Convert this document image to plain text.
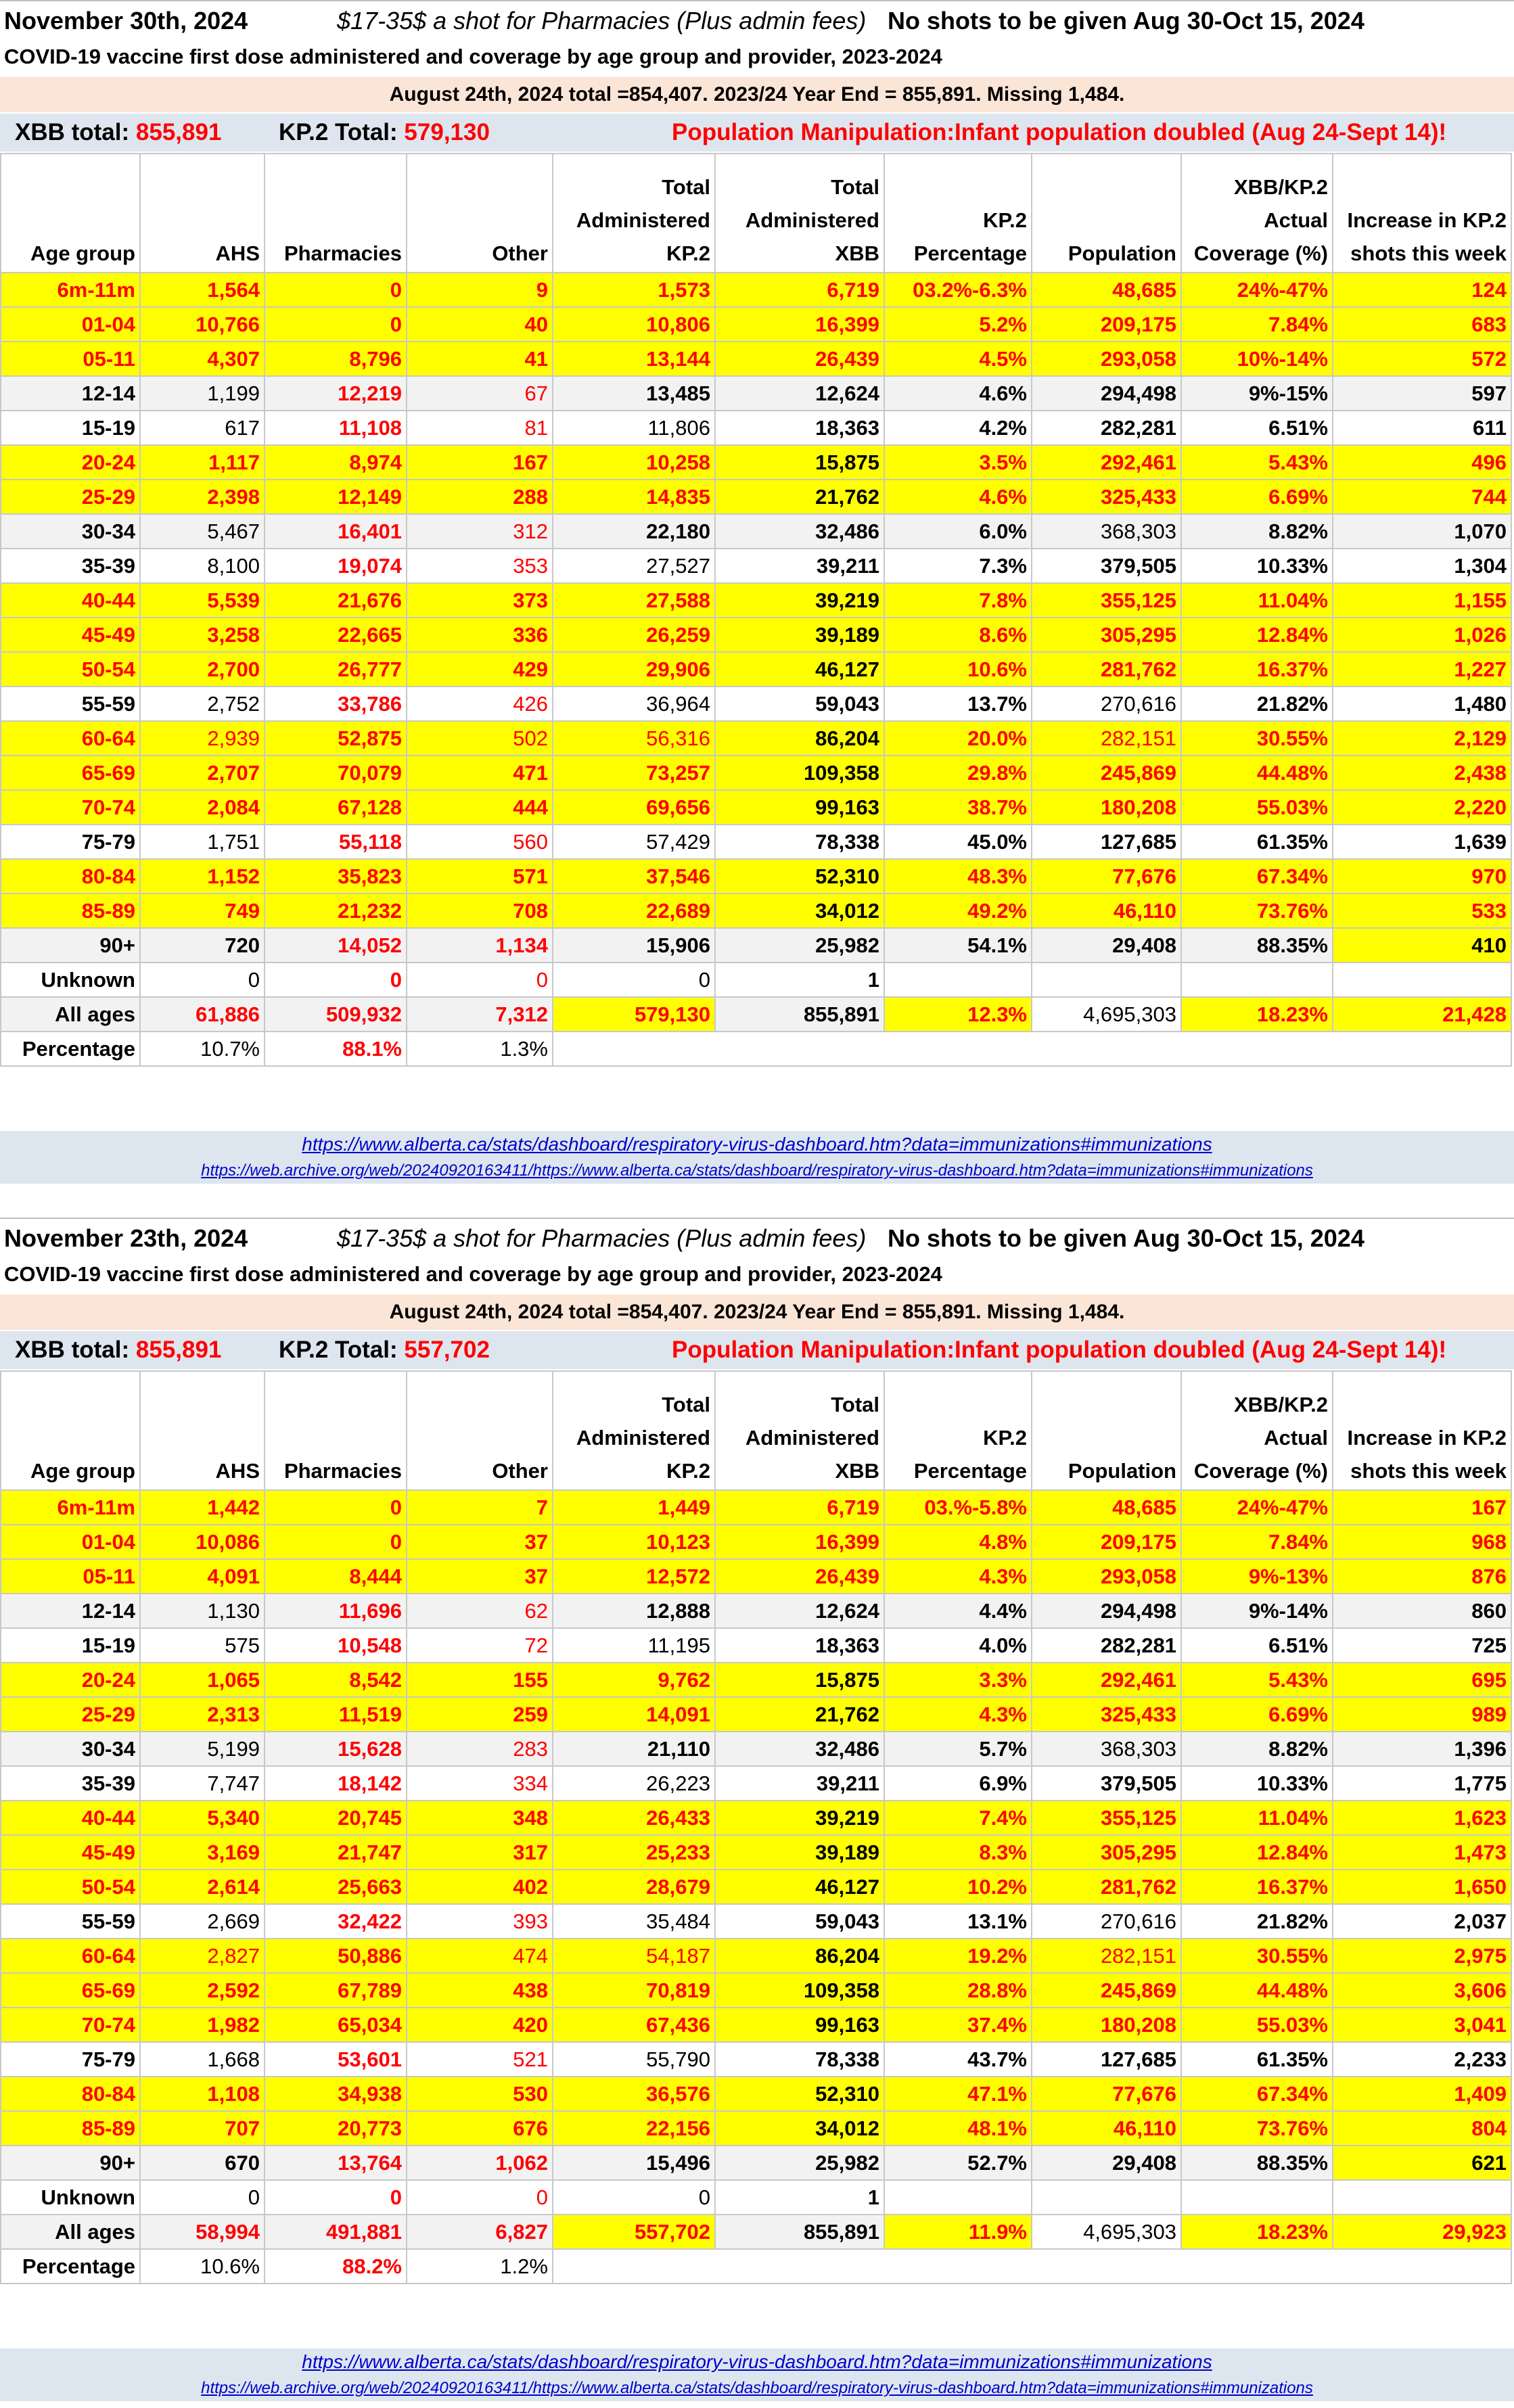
November 30th, 2024	$17-35$ a shot for Pharmacies (Plus admin fees) No shots to be given Aug 30-Oct 15, 2024
COVID-19 vaccine first dose administered and coverage by age group and provider, 2023-2024
August 24th, 2024 total =854,407. 2023/24 Year End = 855,891. Missing 1,484.
XBB total: 855,891 KP.2 Total: 579,130	Population Manipulation:Infant population doubled (Aug 24-Sept 14)!
Age group	AHS	Pharmacies	Other	Total Administered KP.2	Total Administered XBB	KP.2 Percentage	Population	XBB/KP.2 Actual Coverage (%)	Increase in KP.2 shots this week
6m-11m	1,564	0	9	1,573	6,719	03.2%-6.3%	48,685	24%-47%	124
01-04	10,766	0	40	10,806	16,399	5.2%	209,175	7.84%	683
05-11	4,307	8,796	41	13,144	26,439	4.5%	293,058	10%-14%	572
12-14	1,199	12,219	67	13,485	12,624	4.6%	294,498	9%-15%	597
15-19	617	11,108	81	11,806	18,363	4.2%	282,281	6.51%	611
20-24	1,117	8,974	167	10,258	15,875	3.5%	292,461	5.43%	496
25-29	2,398	12,149	288	14,835	21,762	4.6%	325,433	6.69%	744
30-34	5,467	16,401	312	22,180	32,486	6.0%	368,303	8.82%	1,070
35-39	8,100	19,074	353	27,527	39,211	7.3%	379,505	10.33%	1,304
40-44	5,539	21,676	373	27,588	39,219	7.8%	355,125	11.04%	1,155
45-49	3,258	22,665	336	26,259	39,189	8.6%	305,295	12.84%	1,026
50-54	2,700	26,777	429	29,906	46,127	10.6%	281,762	16.37%	1,227
55-59	2,752	33,786	426	36,964	59,043	13.7%	270,616	21.82%	1,480
60-64	2,939	52,875	502	56,316	86,204	20.0%	282,151	30.55%	2,129
65-69	2,707	70,079	471	73,257	109,358	29.8%	245,869	44.48%	2,438
70-74	2,084	67,128	444	69,656	99,163	38.7%	180,208	55.03%	2,220
75-79	1,751	55,118	560	57,429	78,338	45.0%	127,685	61.35%	1,639
80-84	1,152	35,823	571	37,546	52,310	48.3%	77,676	67.34%	970
85-89	749	21,232	708	22,689	34,012	49.2%	46,110	73.76%	533
90+	720	14,052	1,134	15,906	25,982	54.1%	29,408	88.35%	410
Unknown	0	0	0	0	1				
All ages	61,886	509,932	7,312	579,130	855,891	12.3%	4,695,303	18.23%	21,428
Percentage	10.7%	88.1%	1.3%						
https://www.alberta.ca/stats/dashboard/respiratory-virus-dashboard.htm?data=immunizations#immunizations
https://web.archive.org/web/20240920163411/https://www.alberta.ca/stats/dashboard/respiratory-virus-dashboard.htm?data=immunizations#immunizations
November 23th, 2024	$17-35$ a shot for Pharmacies (Plus admin fees) No shots to be given Aug 30-Oct 15, 2024
COVID-19 vaccine first dose administered and coverage by age group and provider, 2023-2024
August 24th, 2024 total =854,407. 2023/24 Year End = 855,891. Missing 1,484.
XBB total: 855,891 KP.2 Total: 557,702	Population Manipulation:Infant population doubled (Aug 24-Sept 14)!
Age group	AHS	Pharmacies	Other	Total Administered KP.2	Total Administered XBB	KP.2 Percentage	Population	XBB/KP.2 Actual Coverage (%)	Increase in KP.2 shots this week
6m-11m	1,442	0	7	1,449	6,719	03.%-5.8%	48,685	24%-47%	167
01-04	10,086	0	37	10,123	16,399	4.8%	209,175	7.84%	968
05-11	4,091	8,444	37	12,572	26,439	4.3%	293,058	9%-13%	876
12-14	1,130	11,696	62	12,888	12,624	4.4%	294,498	9%-14%	860
15-19	575	10,548	72	11,195	18,363	4.0%	282,281	6.51%	725
20-24	1,065	8,542	155	9,762	15,875	3.3%	292,461	5.43%	695
25-29	2,313	11,519	259	14,091	21,762	4.3%	325,433	6.69%	989
30-34	5,199	15,628	283	21,110	32,486	5.7%	368,303	8.82%	1,396
35-39	7,747	18,142	334	26,223	39,211	6.9%	379,505	10.33%	1,775
40-44	5,340	20,745	348	26,433	39,219	7.4%	355,125	11.04%	1,623
45-49	3,169	21,747	317	25,233	39,189	8.3%	305,295	12.84%	1,473
50-54	2,614	25,663	402	28,679	46,127	10.2%	281,762	16.37%	1,650
55-59	2,669	32,422	393	35,484	59,043	13.1%	270,616	21.82%	2,037
60-64	2,827	50,886	474	54,187	86,204	19.2%	282,151	30.55%	2,975
65-69	2,592	67,789	438	70,819	109,358	28.8%	245,869	44.48%	3,606
70-74	1,982	65,034	420	67,436	99,163	37.4%	180,208	55.03%	3,041
75-79	1,668	53,601	521	55,790	78,338	43.7%	127,685	61.35%	2,233
80-84	1,108	34,938	530	36,576	52,310	47.1%	77,676	67.34%	1,409
85-89	707	20,773	676	22,156	34,012	48.1%	46,110	73.76%	804
90+	670	13,764	1,062	15,496	25,982	52.7%	29,408	88.35%	621
Unknown	0	0	0	0	1				
All ages	58,994	491,881	6,827	557,702	855,891	11.9%	4,695,303	18.23%	29,923
Percentage	10.6%	88.2%	1.2%						
https://www.alberta.ca/stats/dashboard/respiratory-virus-dashboard.htm?data=immunizations#immunizations
https://web.archive.org/web/20240920163411/https://www.alberta.ca/stats/dashboard/respiratory-virus-dashboard.htm?data=immunizations#immunizations
